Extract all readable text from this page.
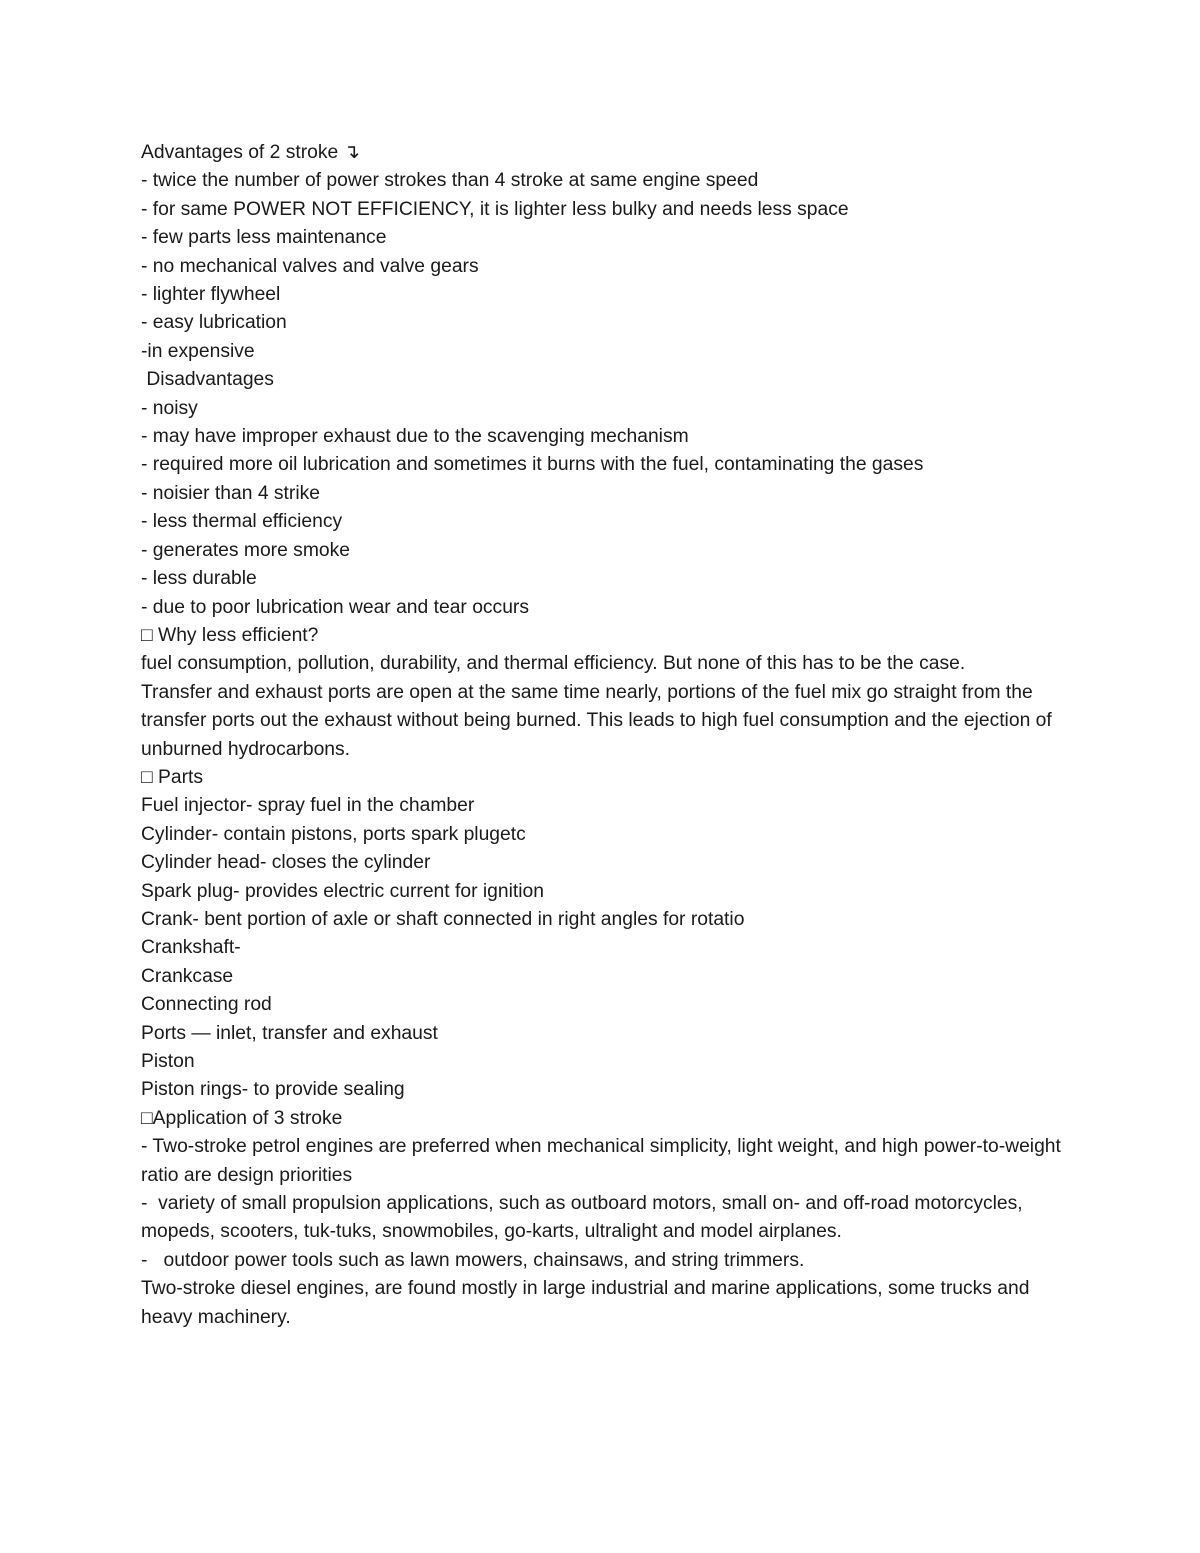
Advantages of 2 stroke ↴

- twice the number of power strokes than 4 stroke at same engine speed

- for same POWER NOT EFFICIENCY, it is lighter less bulky and needs less space

- few parts less maintenance

- no mechanical valves and valve gears

- lighter flywheel

- easy lubrication

-in expensive

Disadvantages

- noisy

- may have improper exhaust due to the scavenging mechanism

- required more oil lubrication and sometimes it burns with the fuel, contaminating the gases

- noisier than 4 strike

- less thermal efficiency

- generates more smoke

- less durable

- due to poor lubrication wear and tear occurs

□ Why less efficient?

fuel consumption, pollution, durability, and thermal efficiency. But none of this has to be the case.

Transfer and exhaust ports are open at the same time nearly, portions of the fuel mix go straight from the transfer ports out the exhaust without being burned. This leads to high fuel consumption and the ejection of unburned hydrocarbons.

□ Parts

Fuel injector- spray fuel in the chamber

Cylinder- contain pistons, ports spark plugetc

Cylinder head- closes the cylinder

Spark plug- provides electric current for ignition

Crank- bent portion of axle or shaft connected in right angles for rotatio

Crankshaft-

Crankcase

Connecting rod

Ports — inlet, transfer and exhaust

Piston

Piston rings- to provide sealing

□Application of 3 stroke

- Two-stroke petrol engines are preferred when mechanical simplicity, light weight, and high power-to-weight ratio are design priorities

-  variety of small propulsion applications, such as outboard motors, small on- and off-road motorcycles, mopeds, scooters, tuk-tuks, snowmobiles, go-karts, ultralight and model airplanes.

-   outdoor power tools such as lawn mowers, chainsaws, and string trimmers.

Two-stroke diesel engines, are found mostly in large industrial and marine applications, some trucks and heavy machinery.
